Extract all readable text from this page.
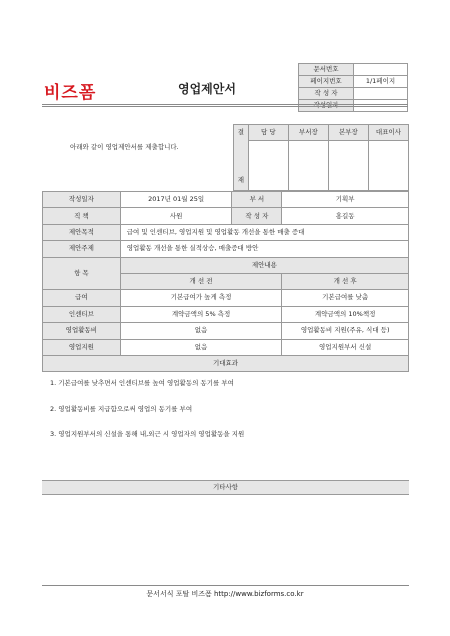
비즈폼	영업제안서
문서번호	
페이지번호	1/1페이지
작 성 자	

아래와 같이 영업제안서를 제출합니다.
결	담 당	부서장	본부장	대표이사
재				
작성일자	2017년 01월 25일	부 서	기획부
직 책	사원	작 성 자	홍길동
제안목적	급여 및 인센티브, 영업지원 및 영업활동 개선을 통한 매출 증대		
제안주제	영업활동 개선을 통한 실적상승, 매출증대 방안		
항 목	제안내용		
	개 선 전		개 선 후
급여	기본급여가 높게 측정		기본급여를 낮춤
인센티브	계약금액의 5% 측정		계약금액의 10%책정
영업활동비	없음		영업활동비 지원(주유, 식대 등)
영업지원	없음		영업지원부서 신설
기대효과			
1. 기본급여를 낮추면서 인센티브를 높여 영업활동의 동기를 부여
2. 영업활동비를 지급함으로써 영업의 동기를 부여
3. 영업지원부서의 신설을 통해 내,외근 시 영업자의 영업활동을 지원
기타사항
문서서식 포탈 비즈폼 http://www.bizforms.co.kr
